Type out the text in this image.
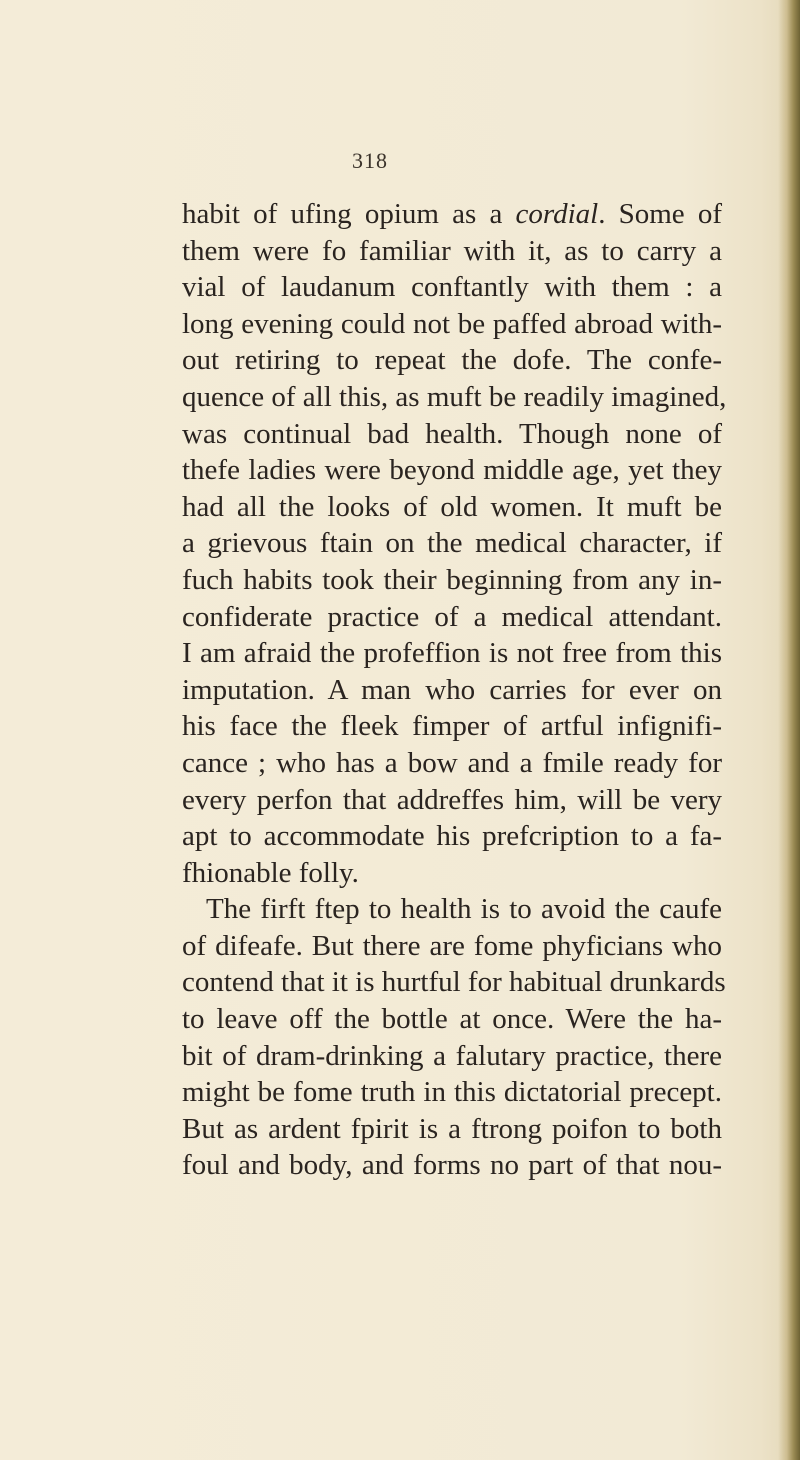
318
habit of ufing opium as a cordial. Some of
them were fo familiar with it, as to carry a
vial of laudanum conftantly with them : a
long evening could not be paffed abroad with-
out retiring to repeat the dofe. The confe-
quence of all this, as muft be readily imagined,
was continual bad health. Though none of
thefe ladies were beyond middle age, yet they
had all the looks of old women. It muft be
a grievous ftain on the medical character, if
fuch habits took their beginning from any in-
confiderate practice of a medical attendant.
I am afraid the profeffion is not free from this
imputation. A man who carries for ever on
his face the fleek fimper of artful infignifi-
cance ; who has a bow and a fmile ready for
every perfon that addreffes him, will be very
apt to accommodate his prefcription to a fa-
fhionable folly.
The firft ftep to health is to avoid the caufe
of difeafe. But there are fome phyficians who
contend that it is hurtful for habitual drunkards
to leave off the bottle at once. Were the ha-
bit of dram-drinking a falutary practice, there
might be fome truth in this dictatorial precept.
But as ardent fpirit is a ftrong poifon to both
foul and body, and forms no part of that nou-
